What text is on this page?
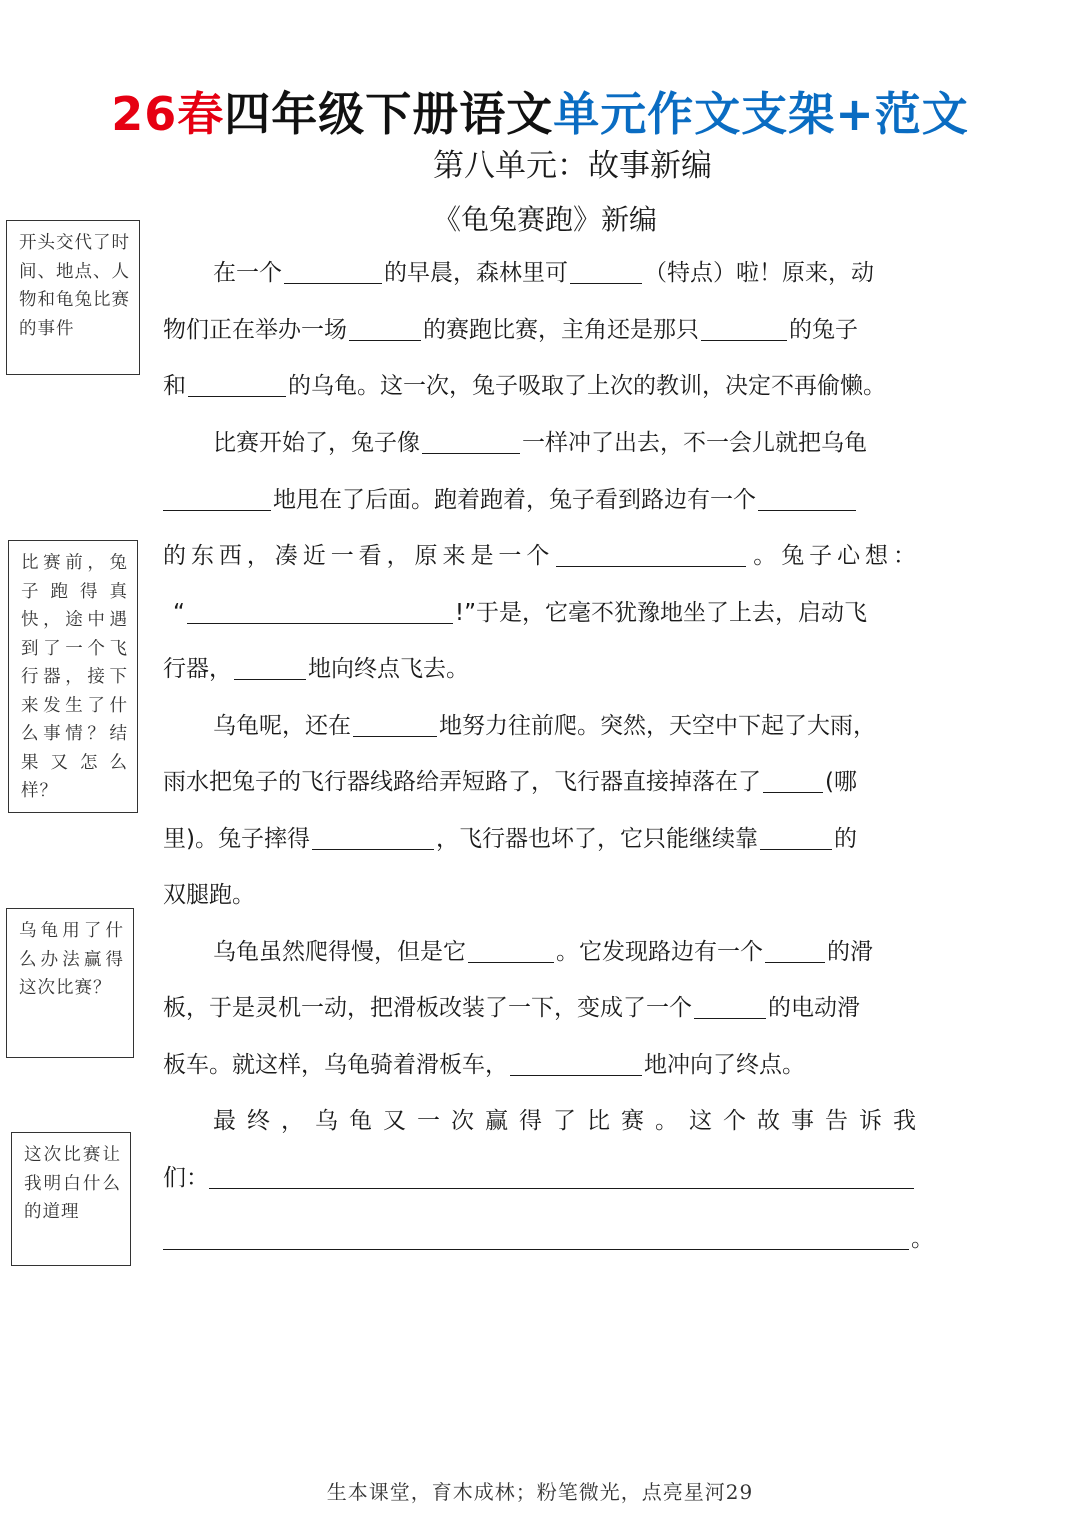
26春四年级下册语文单元作文支架+范文
第八单元：故事新编
《龟兔赛跑》新编
开头交代了时间、地点、人物和龟兔比赛的事件
比赛前，兔子跑得真快，途中遇到了一个飞行器，接下来发生了什么事情？结果又怎么样？
乌龟用了什么办法赢得这次比赛？
这次比赛让我明白什么的道理
在一个	的早晨，森林里可	（特点）啦！原来，动
物们正在举办一场	的赛跑比赛，主角还是那只	的兔子
和	的乌龟。这一次，兔子吸取了上次的教训，决定不再偷懒。
比赛开始了，兔子像	一样冲了出去，不一会儿就把乌龟
地甩在了后面。跑着跑着，兔子看到路边有一个
的东西，凑近一看，原来是一个	。兔子心想：
“	!”于是，它毫不犹豫地坐了上去，启动飞
行器，	地向终点飞去。
乌龟呢，还在	地努力往前爬。突然，天空中下起了大雨，
雨水把兔子的飞行器线路给弄短路了，飞行器直接掉落在了	(哪
里)。兔子摔得	，飞行器也坏了，它只能继续靠	的
双腿跑。
乌龟虽然爬得慢，但是它	。它发现路边有一个	的滑
板，于是灵机一动，把滑板改装了一下，变成了一个	的电动滑
板车。就这样，乌龟骑着滑板车，	地冲向了终点。
最终，乌龟又一次赢得了比赛。这个故事告诉我
们：
。
生本课堂，育木成林；粉笔微光，点亮星河29
